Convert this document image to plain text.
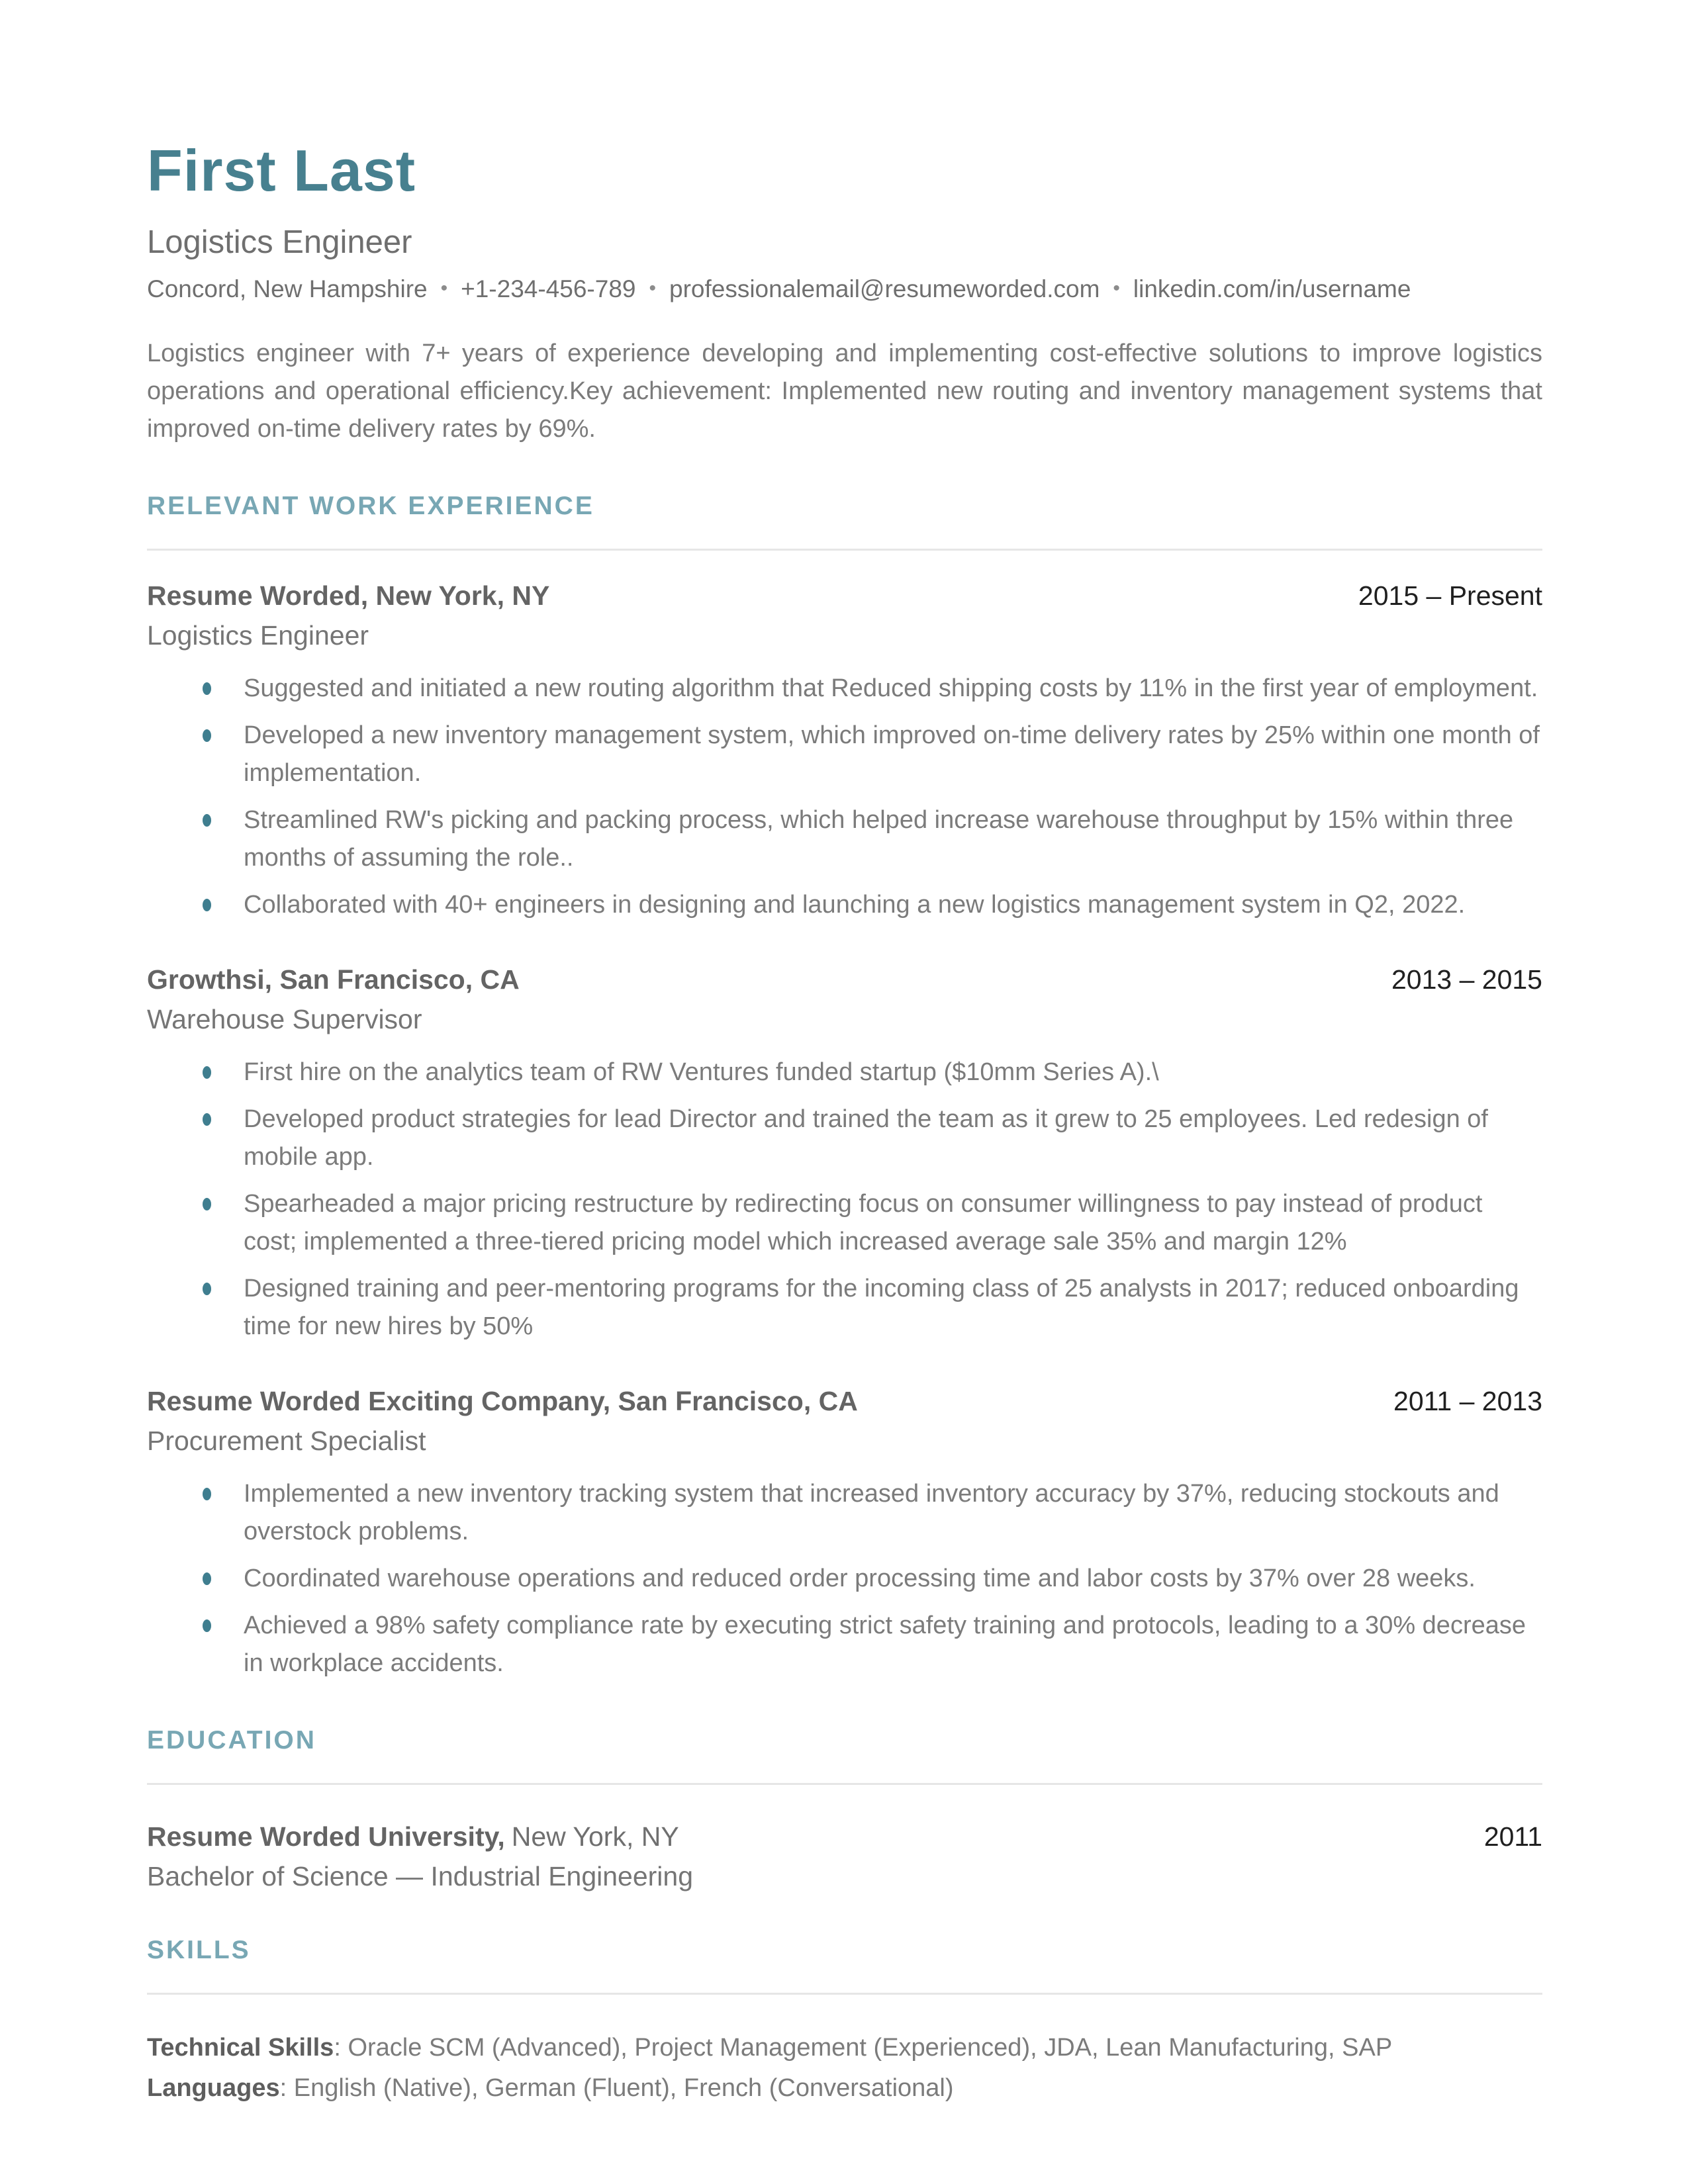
First Last
Logistics Engineer
Concord, New Hampshire • +1-234-456-789 • professionalemail@resumeworded.com • linkedin.com/in/username

Logistics engineer with 7+ years of experience developing and implementing cost-effective solutions to improve logistics operations and operational efficiency.Key achievement: Implemented new routing and inventory management systems that improved on-time delivery rates by 69%.

RELEVANT WORK EXPERIENCE
Resume Worded, New York, NY	2015 – Present
Logistics Engineer
Suggested and initiated a new routing algorithm that Reduced shipping costs by 11% in the first year of employment.
Developed a new inventory management system, which improved on-time delivery rates by 25% within one month of implementation.
Streamlined RW's picking and packing process, which helped increase warehouse throughput by 15% within three months of assuming the role..
Collaborated with 40+ engineers in designing and launching a new logistics management system in Q2, 2022.
Growthsi, San Francisco, CA	2013 – 2015
Warehouse Supervisor
First hire on the analytics team of RW Ventures funded startup ($10mm Series A).\
Developed product strategies for lead Director and trained the team as it grew to 25 employees. Led redesign of mobile app.
Spearheaded a major pricing restructure by redirecting focus on consumer willingness to pay instead of product cost; implemented a three-tiered pricing model which increased average sale 35% and margin 12%
Designed training and peer-mentoring programs for the incoming class of 25 analysts in 2017; reduced onboarding time for new hires by 50%
Resume Worded Exciting Company, San Francisco, CA	2011 – 2013
Procurement Specialist
Implemented a new inventory tracking system that increased inventory accuracy by 37%, reducing stockouts and overstock problems.
Coordinated warehouse operations and reduced order processing time and labor costs by 37% over 28 weeks.
Achieved a 98% safety compliance rate by executing strict safety training and protocols, leading to a 30% decrease in workplace accidents.
EDUCATION
Resume Worded University, New York, NY	2011
Bachelor of Science — Industrial Engineering
SKILLS
Technical Skills: Oracle SCM (Advanced), Project Management (Experienced), JDA, Lean Manufacturing, SAP
Languages: English (Native), German (Fluent), French (Conversational)
